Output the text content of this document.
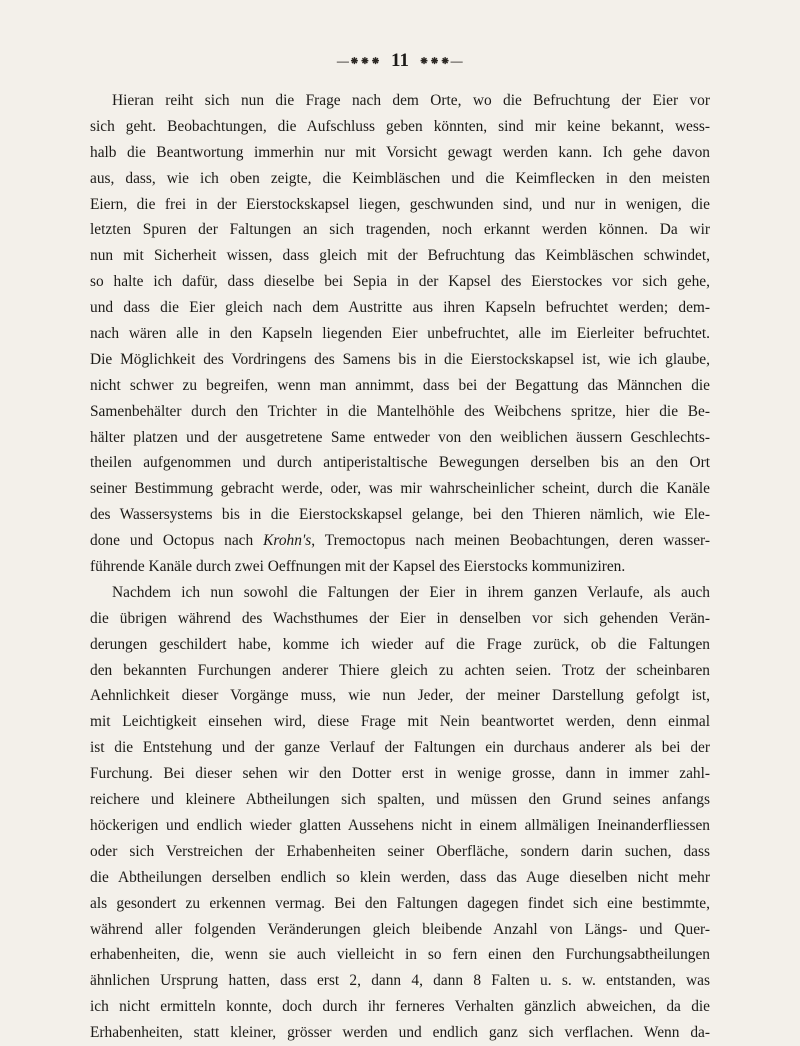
—⁕⁕⁕ 11 ⁕⁕⁕—
Hieran reiht sich nun die Frage nach dem Orte, wo die Befruchtung der Eier vor
sich geht. Beobachtungen, die Aufschluss geben könnten, sind mir keine bekannt, wess-
halb die Beantwortung immerhin nur mit Vorsicht gewagt werden kann. Ich gehe davon
aus, dass, wie ich oben zeigte, die Keimbläschen und die Keimflecken in den meisten
Eiern, die frei in der Eierstockskapsel liegen, geschwunden sind, und nur in wenigen, die
letzten Spuren der Faltungen an sich tragenden, noch erkannt werden können. Da wir
nun mit Sicherheit wissen, dass gleich mit der Befruchtung das Keimbläschen schwindet,
so halte ich dafür, dass dieselbe bei Sepia in der Kapsel des Eierstockes vor sich gehe,
und dass die Eier gleich nach dem Austritte aus ihren Kapseln befruchtet werden; dem-
nach wären alle in den Kapseln liegenden Eier unbefruchtet, alle im Eierleiter befruchtet.
Die Möglichkeit des Vordringens des Samens bis in die Eierstockskapsel ist, wie ich glaube,
nicht schwer zu begreifen, wenn man annimmt, dass bei der Begattung das Männchen die
Samenbehälter durch den Trichter in die Mantelhöhle des Weibchens spritze, hier die Be-
hälter platzen und der ausgetretene Same entweder von den weiblichen äussern Geschlechts-
theilen aufgenommen und durch antiperistaltische Bewegungen derselben bis an den Ort
seiner Bestimmung gebracht werde, oder, was mir wahrscheinlicher scheint, durch die Kanäle
des Wassersystems bis in die Eierstockskapsel gelange, bei den Thieren nämlich, wie Ele-
done und Octopus nach Krohn's, Tremoctopus nach meinen Beobachtungen, deren wasser-
führende Kanäle durch zwei Oeffnungen mit der Kapsel des Eierstocks kommuniziren.
Nachdem ich nun sowohl die Faltungen der Eier in ihrem ganzen Verlaufe, als auch
die übrigen während des Wachsthumes der Eier in denselben vor sich gehenden Verän-
derungen geschildert habe, komme ich wieder auf die Frage zurück, ob die Faltungen
den bekannten Furchungen anderer Thiere gleich zu achten seien. Trotz der scheinbaren
Aehnlichkeit dieser Vorgänge muss, wie nun Jeder, der meiner Darstellung gefolgt ist,
mit Leichtigkeit einsehen wird, diese Frage mit Nein beantwortet werden, denn einmal
ist die Entstehung und der ganze Verlauf der Faltungen ein durchaus anderer als bei der
Furchung. Bei dieser sehen wir den Dotter erst in wenige grosse, dann in immer zahl-
reichere und kleinere Abtheilungen sich spalten, und müssen den Grund seines anfangs
höckerigen und endlich wieder glatten Aussehens nicht in einem allmäligen Ineinanderfliessen
oder sich Verstreichen der Erhabenheiten seiner Oberfläche, sondern darin suchen, dass
die Abtheilungen derselben endlich so klein werden, dass das Auge dieselben nicht mehr
als gesondert zu erkennen vermag. Bei den Faltungen dagegen findet sich eine bestimmte,
während aller folgenden Veränderungen gleich bleibende Anzahl von Längs- und Quer-
erhabenheiten, die, wenn sie auch vielleicht in so fern einen den Furchungsabtheilungen
ähnlichen Ursprung hatten, dass erst 2, dann 4, dann 8 Falten u. s. w. entstanden, was
ich nicht ermitteln konnte, doch durch ihr ferneres Verhalten gänzlich abweichen, da die
Erhabenheiten, statt kleiner, grösser werden und endlich ganz sich verflachen. Wenn da-
